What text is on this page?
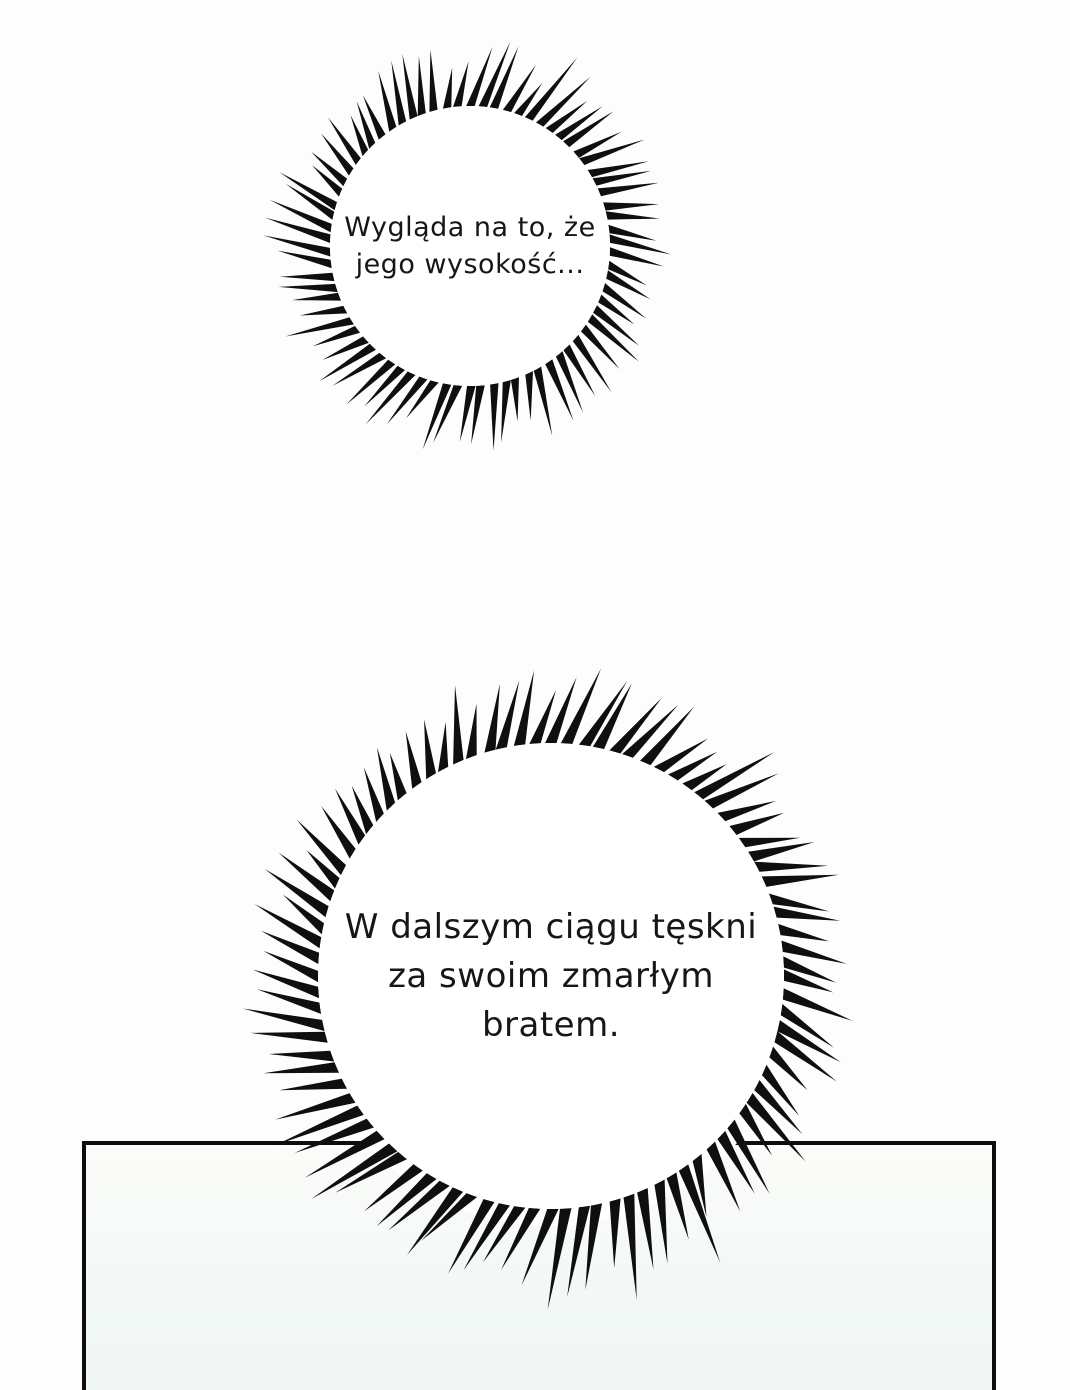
Wygląda na to, że
jego wysokość...
W dalszym ciągu tęskni
za swoim zmarłym
bratem.
